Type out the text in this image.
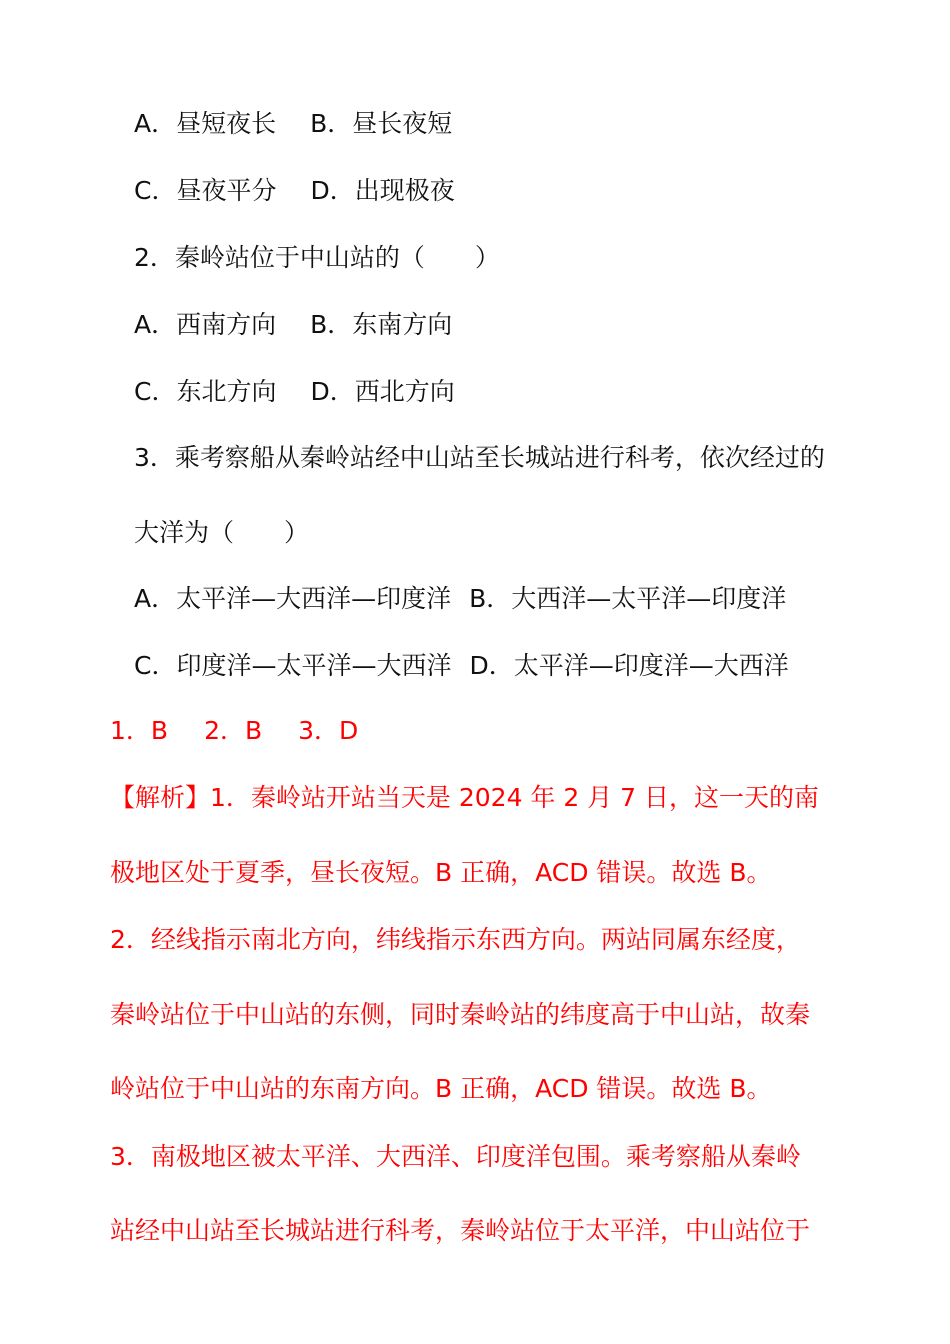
A．昼短夜长 B．昼长夜短
C．昼夜平分 D．出现极夜
2．秦岭站位于中山站的（　　）
A．西南方向 B．东南方向
C．东北方向 D．西北方向
3．乘考察船从秦岭站经中山站至长城站进行科考，依次经过的
大洋为（　　）
A．太平洋—大西洋—印度洋 B．大西洋—太平洋—印度洋
C．印度洋—太平洋—大西洋 D．太平洋—印度洋—大西洋
1．B 2．B 3．D
【解析】1．秦岭站开站当天是 2024 年 2 月 7 日，这一天的南
极地区处于夏季，昼长夜短。B 正确，ACD 错误。故选 B。
2．经线指示南北方向，纬线指示东西方向。两站同属东经度，
秦岭站位于中山站的东侧，同时秦岭站的纬度高于中山站，故秦
岭站位于中山站的东南方向。B 正确，ACD 错误。故选 B。
3．南极地区被太平洋、大西洋、印度洋包围。乘考察船从秦岭
站经中山站至长城站进行科考，秦岭站位于太平洋，中山站位于
